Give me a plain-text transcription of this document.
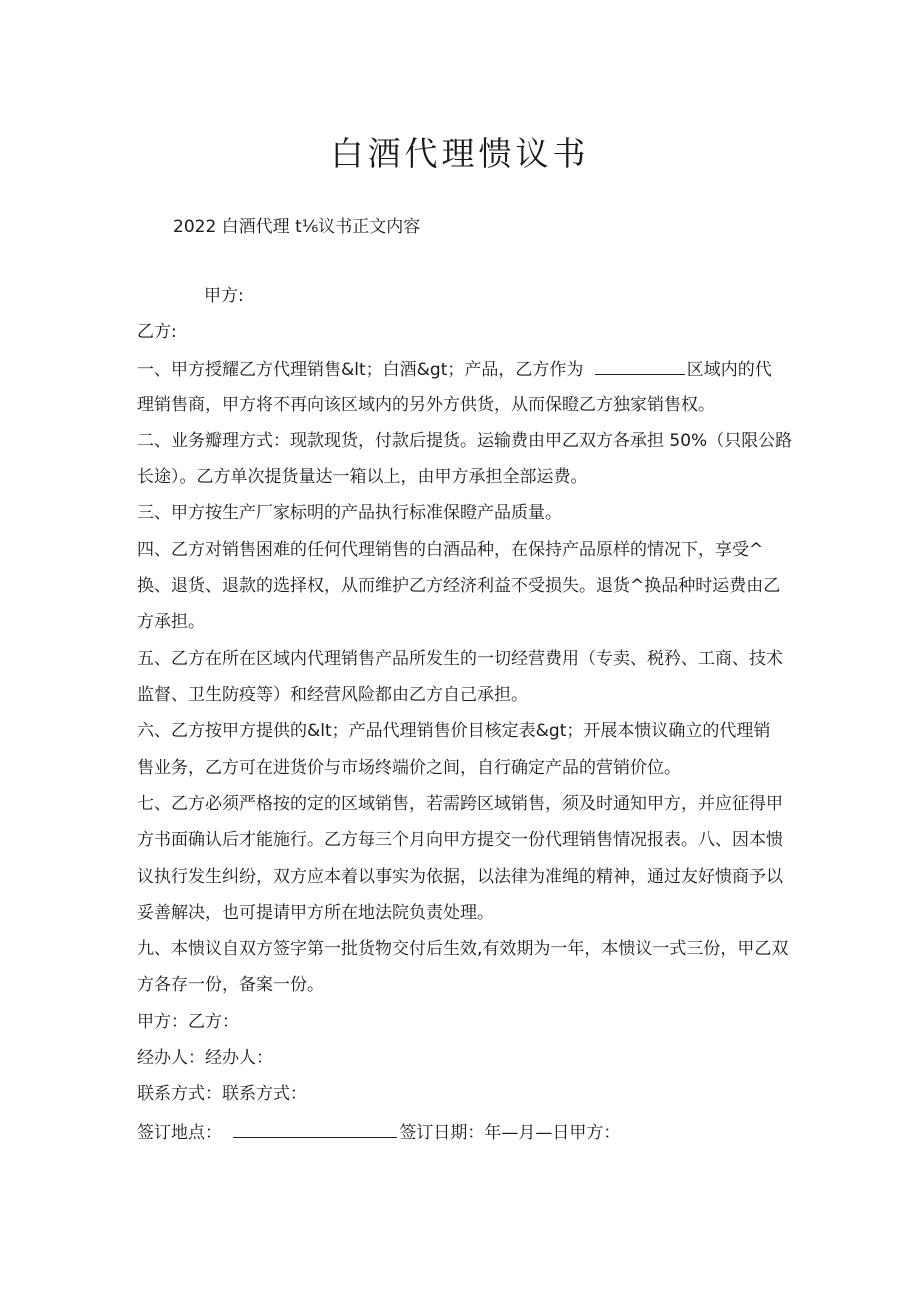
白酒代理愦议书
2022 白酒代理 t⅙议书正文内容
甲方:
乙方:
一、甲方授耀乙方代理销售&lt；白酒&gt；产品，乙方作为	区域内的代
理销售商，甲方将不再向该区域内的另外方供货，从而保瞪乙方独家销售权。
二、业务瓣理方式：现款现货，付款后提货。运输费由甲乙双方各承担 50%（只限公路
长途）。乙方单次提货量达一箱以上，由甲方承担全部运费。
三、甲方按生产厂家标明的产品执行标准保瞪产品质量。
四、乙方对销售困难的任何代理销售的白酒品种，在保持产品原样的情况下，享受^
换、退货、退款的选择权，从而维护乙方经济利益不受损失。退货^换品种时运费由乙
方承担。
五、乙方在所在区域内代理销售产品所发生的一切经营费用（专卖、税矜、工商、技术
监督、卫生防疫等）和经营风险都由乙方自己承担。
六、乙方按甲方提供的&lt；产品代理销售价目核定表&gt；开展本愦议确立的代理销
售业务，乙方可在进货价与市场终端价之间，自行确定产品的营销价位。
七、乙方必须严格按的定的区域销售，若需跨区域销售，须及时通知甲方，并应征得甲
方书面确认后才能施行。乙方每三个月向甲方提交一份代理销售情况报表。八、因本愦
议执行发生纠纷，双方应本着以事实为依据，以法律为准绳的精神，通过友好愦商予以
妥善解决，也可提请甲方所在地法院负责处理。
九、本愦议自双方签字第一批货物交付后生效,有效期为一年，本愦议一式三份，甲乙双
方各存一份，备案一份。
甲方：乙方：
经办人：经办人：
联系方式：联系方式：
签订地点：	签订日期：年—月—日甲方：
